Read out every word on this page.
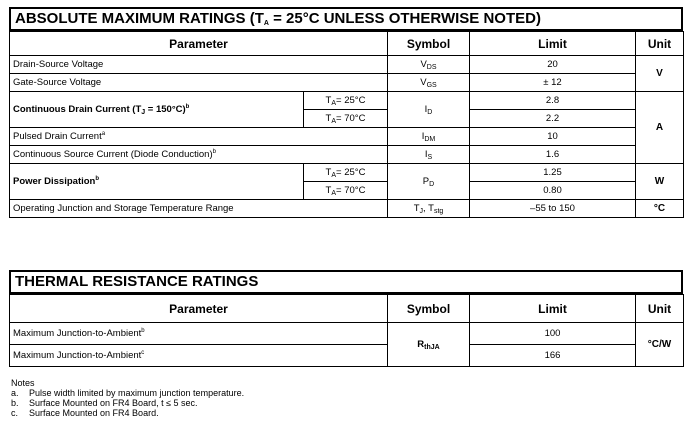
ABSOLUTE MAXIMUM RATINGS ($T_A = 25^\circ C$ UNLESS OTHERWISE NOTED)
Parameter		Symbol	Limit	Unit
Drain-Source Voltage		$V_{DS}$	20	V
Gate-Source Voltage		$V_{GS}$	± 12	
Continuous Drain Current $(T_J = 150^\circ C)^b$	$T_A= 25^\circ C$	$I_D$	2.8	A
	$T_A= 70^\circ C$		2.2	
Pulsed Drain Current$^a$		$I_{DM}$	10	
Continuous Source Current (Diode Conduction)$^b$		$I_S$	1.6	
Power Dissipation$^b$	$T_A= 25^\circ C$	$P_D$	1.25	W
	$T_A= 70^\circ C$		0.80	
Operating Junction and Storage Temperature Range		$T_J$, $T_{stg}$	–55 to 150	°C
THERMAL RESISTANCE RATINGS
Parameter	Symbol	Limit	Unit
Maximum Junction-to-Ambient$^b$	$R_{thJA}$	100	°C/W
Maximum Junction-to-Ambient$^c$		166	
Notes
a. Pulse width limited by maximum junction temperature.
b. Surface Mounted on FR4 Board, t ≤ 5 sec.
c. Surface Mounted on FR4 Board.
